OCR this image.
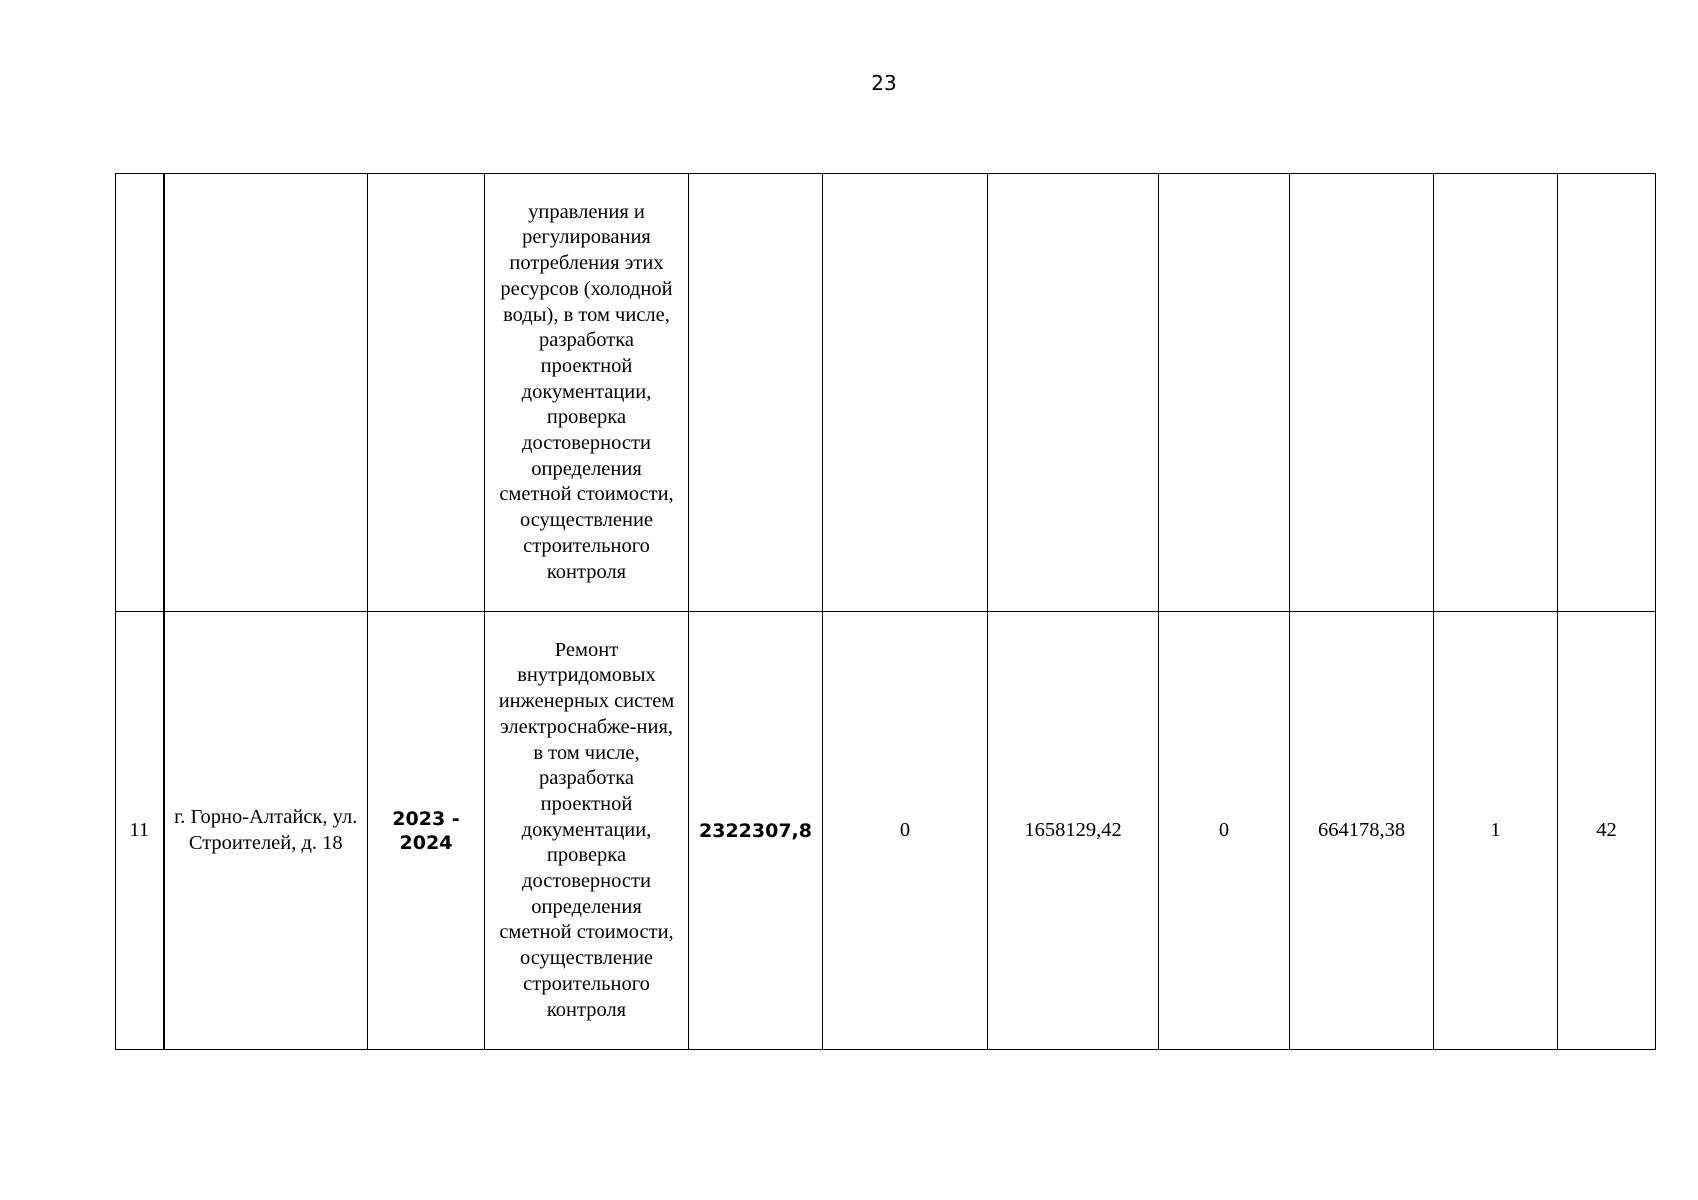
23
			управления и регулирования потребления этих ресурсов (холодной воды), в том числе, разработка проектной документации, проверка достоверности определения сметной стоимости, осуществление строительного контроля							
11	г. Горно-Алтайск, ул. Строителей, д. 18	2023 - 2024	Ремонт внутридомовых инженерных систем электроснабже-ния, в том числе, разработка проектной документации, проверка достоверности определения сметной стоимости, осуществление строительного контроля	2322307,8	0	1658129,42	0	664178,38	1	42
